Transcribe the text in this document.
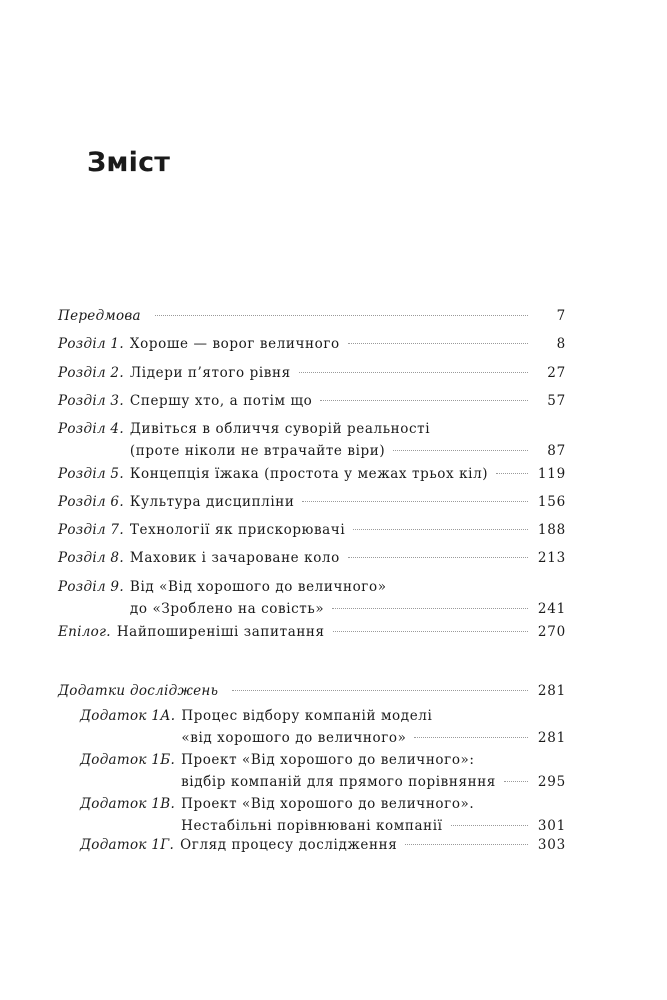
Зміст
Передмова	7
Розділ 1. Хороше — ворог величного	8
Розділ 2. Лідери п’ятого рівня	27
Розділ 3. Спершу хто, а потім що	57
Розділ 4. Дивіться в обличчя суворій реальності
(проте ніколи не втрачайте віри)	87
Розділ 5. Концепція їжака (простота у межах трьох кіл)	119
Розділ 6. Культура дисципліни	156
Розділ 7. Технології як прискорювачі	188
Розділ 8. Маховик і зачароване коло	213
Розділ 9. Від «Від хорошого до величного»
до «Зроблено на совість»	241
Епілог. Найпоширеніші запитання	270
Додатки досліджень	281
Додаток 1А. Процес відбору компаній моделі
«від хорошого до величного»	281
Додаток 1Б. Проект «Від хорошого до величного»:
відбір компаній для прямого порівняння	295
Додаток 1В. Проект «Від хорошого до величного».
Нестабільні порівнювані компанії	301
Додаток 1Г. Огляд процесу дослідження	303
